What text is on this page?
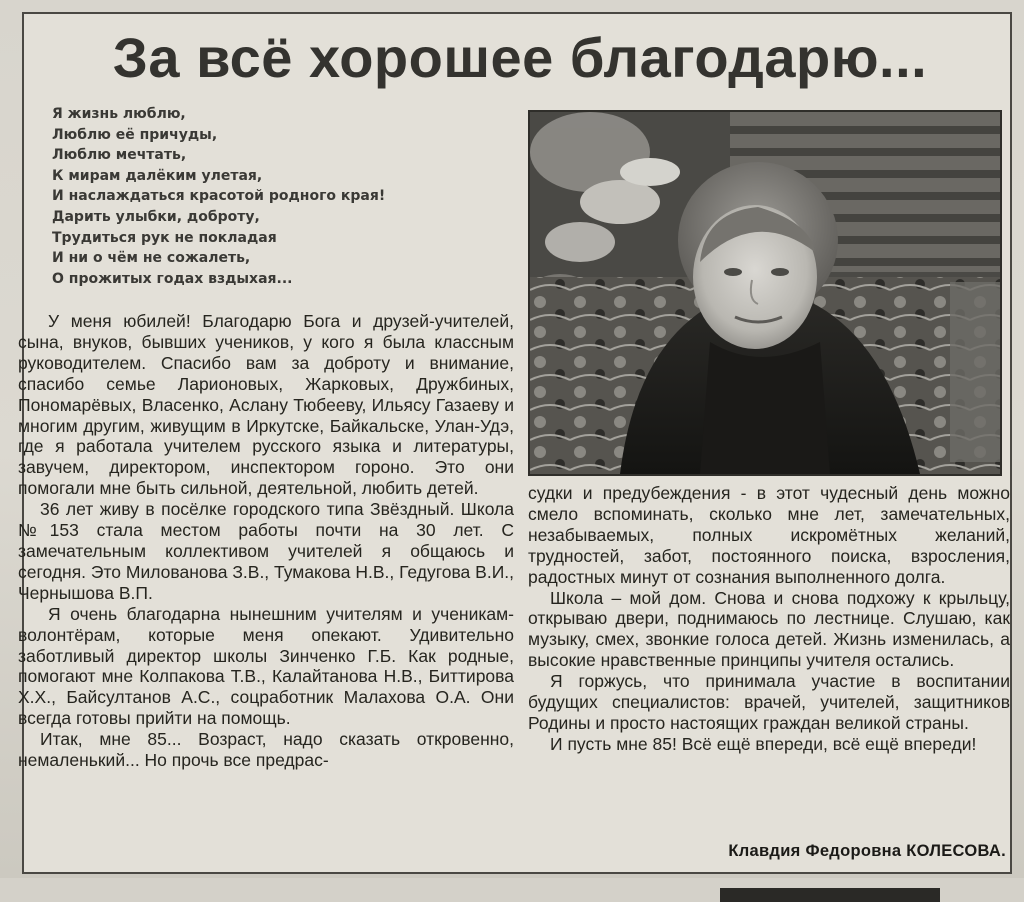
За всё хорошее благодарю...
Я жизнь люблю,
Люблю её причуды,
Люблю мечтать,
К мирам далёким улетая,
И наслаждаться красотой родного края!
Дарить улыбки, доброту,
Трудиться рук не покладая
И ни о чём не сожалеть,
О прожитых годах вздыхая...

У меня юбилей! Благодарю Бога и друзей-учителей, сына, внуков, бывших учеников, у кого я была классным руководителем. Спасибо вам за доброту и внимание, спасибо семье Ларионовых, Жарковых, Дружбиных, Пономарёвых, Власенко, Аслану Тюбееву, Ильясу Газаеву и многим другим, живущим в Иркутске, Байкальске, Улан-Удэ, где я работала учителем русского языка и литературы, завучем, директором, инспектором гороно. Это они помогали мне быть сильной, деятельной, любить детей.

36 лет живу в посёлке городского типа Звёздный. Школа №153 стала местом работы почти на 30 лет. С замечательным коллективом учителей я общаюсь и сегодня. Это Милованова З.В., Тумакова Н.В., Гедугова В.И., Чернышова В.П.

Я очень благодарна нынешним учителям и ученикам-волонтёрам, которые меня опекают. Удивительно заботливый директор школы Зинченко Г.Б. Как родные, помогают мне Колпакова Т.В., Калайтанова Н.В., Биттирова Х.Х., Байсултанов А.С., соцработник Малахова О.А. Они всегда готовы прийти на помощь.

Итак, мне 85... Возраст, надо сказать откровенно, немаленький... Но прочь все предрас-

судки и предубеждения - в этот чудесный день можно смело вспоминать, сколько мне лет, замечательных, незабываемых, полных искромётных желаний, трудностей, забот, постоянного поиска, взросления, радостных минут от сознания выполненного долга.

Школа – мой дом. Снова и снова подхожу к крыльцу, открываю двери, поднимаюсь по лестнице. Слушаю, как музыку, смех, звонкие голоса детей. Жизнь изменилась, а высокие нравственные принципы учителя остались.

Я горжусь, что принимала участие в воспитании будущих специалистов: врачей, учителей, защитников Родины и просто настоящих граждан великой страны.

И пусть мне 85! Всё ещё впереди, всё ещё впереди!

Клавдия Федоровна КОЛЕСОВА.
